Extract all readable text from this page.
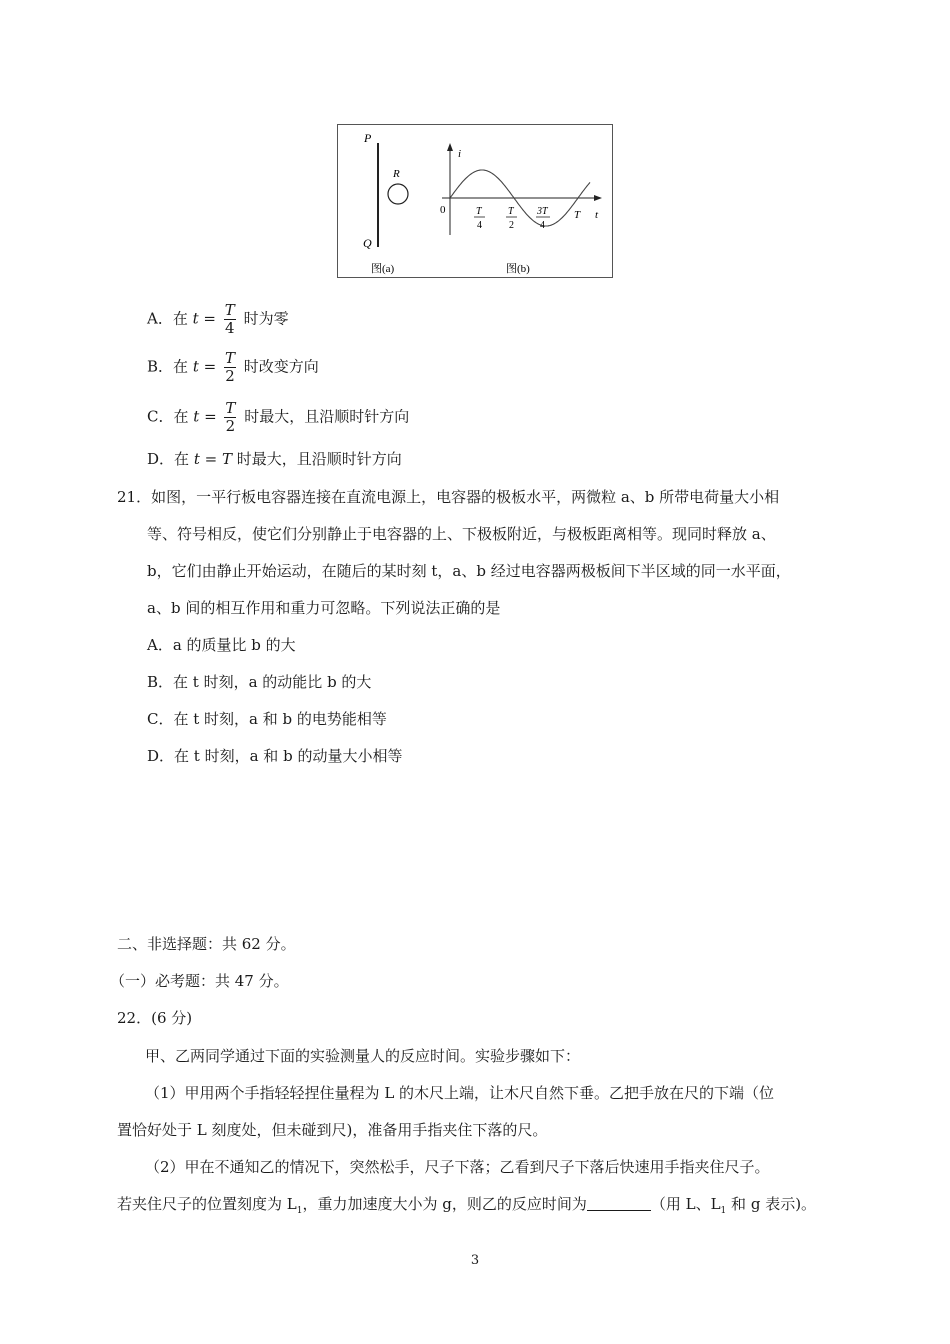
P
Q
R
图(a)
i
t
0	T
4
T
2
3T
4
T
图(b)
A．在 $t = \frac{T}{4}$ 时为零
B．在 $t = \frac{T}{2}$ 时改变方向
C．在 $t = \frac{T}{2}$ 时最大，且沿顺时针方向
D．在 t = T 时最大，且沿顺时针方向
21．如图，一平行板电容器连接在直流电源上，电容器的极板水平，两微粒 a、b 所带电荷量大小相
等、符号相反，使它们分别静止于电容器的上、下极板附近，与极板距离相等。现同时释放 a、
b，它们由静止开始运动，在随后的某时刻 t，a、b 经过电容器两极板间下半区域的同一水平面，
a、b 间的相互作用和重力可忽略。下列说法正确的是
A．a 的质量比 b 的大
B．在 t 时刻，a 的动能比 b 的大
C．在 t 时刻，a 和 b 的电势能相等
D．在 t 时刻，a 和 b 的动量大小相等
二、非选择题：共 62 分。
（一）必考题：共 47 分。
22．(6 分)
甲、乙两同学通过下面的实验测量人的反应时间。实验步骤如下：
（1）甲用两个手指轻轻捏住量程为 L 的木尺上端，让木尺自然下垂。乙把手放在尺的下端（位
置恰好处于 L 刻度处，但未碰到尺)，准备用手指夹住下落的尺。
（2）甲在不通知乙的情况下，突然松手，尺子下落；乙看到尺子下落后快速用手指夹住尺子。
若夹住尺子的位置刻度为 $L_1$，重力加速度大小为 g，则乙的反应时间为	（用 L、$L_1$ 和 g 表示)。
3
